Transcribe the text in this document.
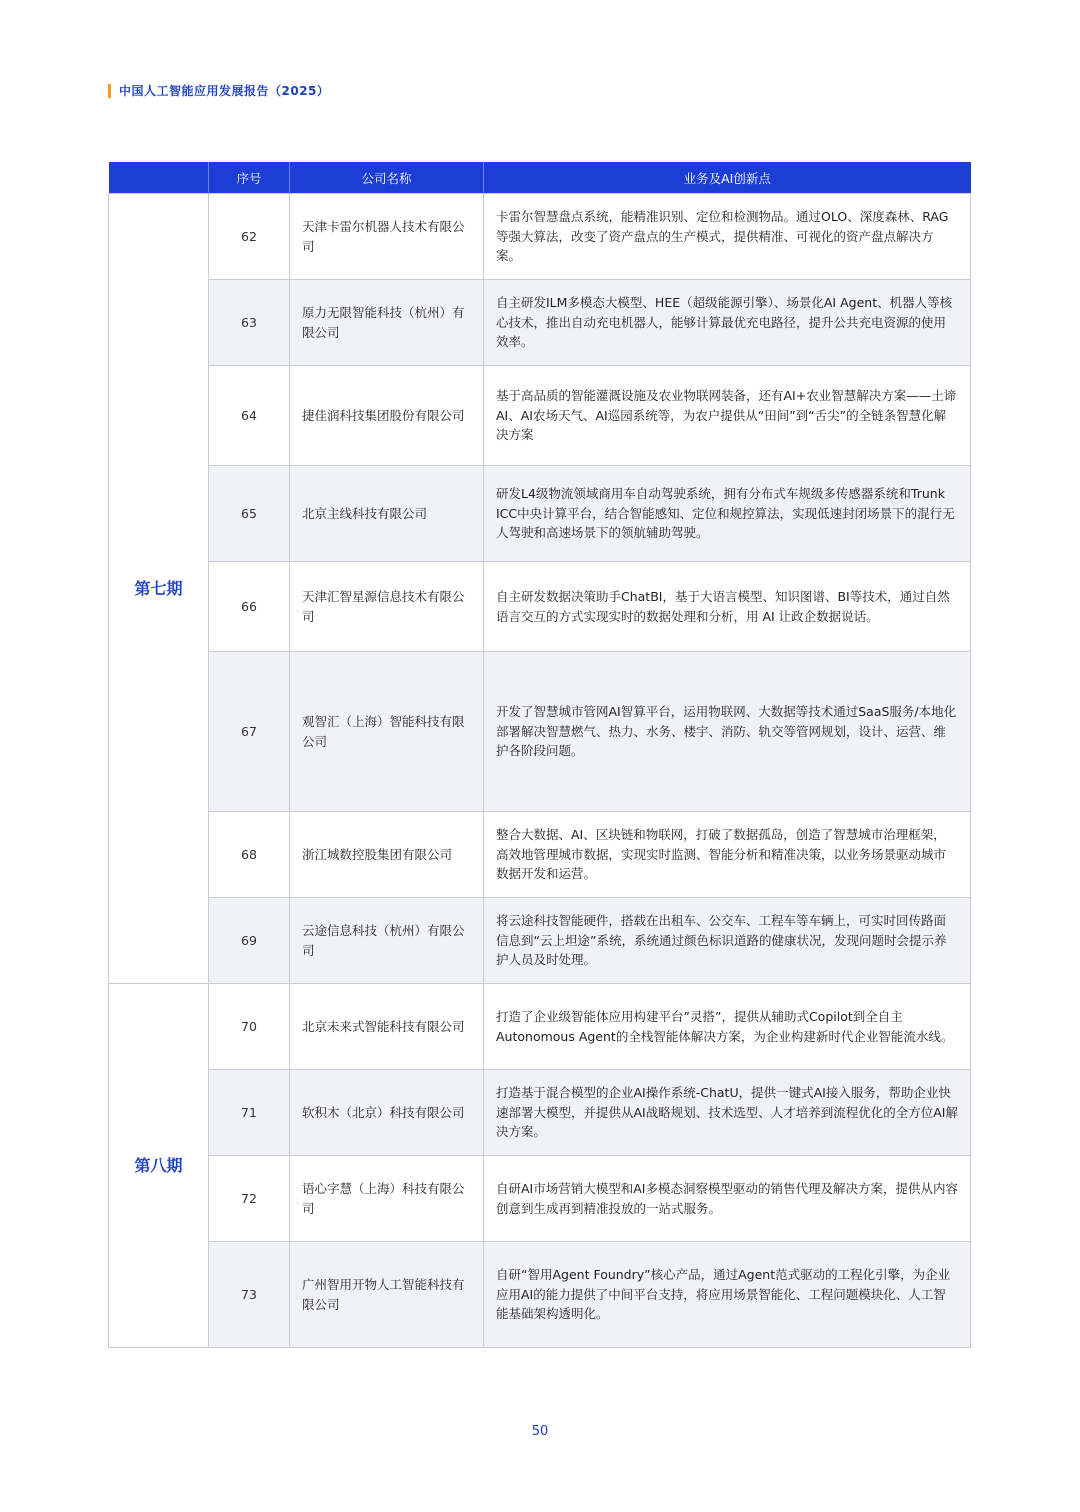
中国人工智能应用发展报告（2025）
	序号	公司名称	业务及AI创新点
第七期	62	天津卡雷尔机器人技术有限公司	卡雷尔智慧盘点系统，能精准识别、定位和检测物品。通过OLO、深度森林、RAG等强大算法，改变了资产盘点的生产模式，提供精准、可视化的资产盘点解决方案。
	63	原力无限智能科技（杭州）有限公司	自主研发ILM多模态大模型、HEE（超级能源引擎）、场景化AI Agent、机器人等核心技术，推出自动充电机器人，能够计算最优充电路径，提升公共充电资源的使用效率。
	64	捷佳润科技集团股份有限公司	基于高品质的智能灌溉设施及农业物联网装备，还有AI+农业智慧解决方案——土谛AI、AI农场天气、AI巡园系统等，为农户提供从“田间”到“舌尖”的全链条智慧化解决方案
	65	北京主线科技有限公司	研发L4级物流领域商用车自动驾驶系统，拥有分布式车规级多传感器系统和Trunk ICC中央计算平台，结合智能感知、定位和规控算法，实现低速封闭场景下的混行无人驾驶和高速场景下的领航辅助驾驶。
	66	天津汇智星源信息技术有限公司	自主研发数据决策助手ChatBI，基于大语言模型、知识图谱、BI等技术，通过自然语言交互的方式实现实时的数据处理和分析，用 AI 让政企数据说话。
	67	观智汇（上海）智能科技有限公司	开发了智慧城市管网AI智算平台，运用物联网、大数据等技术通过SaaS服务/本地化部署解决智慧燃气、热力、水务、楼宇、消防、轨交等管网规划，设计、运营、维护各阶段问题。
	68	浙江城数控股集团有限公司	整合大数据、AI、区块链和物联网，打破了数据孤岛，创造了智慧城市治理框架，高效地管理城市数据，实现实时监测、智能分析和精准决策，以业务场景驱动城市数据开发和运营。
	69	云途信息科技（杭州）有限公司	将云途科技智能硬件，搭载在出租车、公交车、工程车等车辆上，可实时回传路面信息到“云上坦途”系统，系统通过颜色标识道路的健康状况，发现问题时会提示养护人员及时处理。
第八期	70	北京未来式智能科技有限公司	打造了企业级智能体应用构建平台”灵搭”，提供从辅助式Copilot到全自主Autonomous Agent的全栈智能体解决方案，为企业构建新时代企业智能流水线。
	71	软积木（北京）科技有限公司	打造基于混合模型的企业AI操作系统-ChatU，提供一键式AI接入服务，帮助企业快速部署大模型，并提供从AI战略规划、技术选型、人才培养到流程优化的全方位AI解决方案。
	72	语心字慧（上海）科技有限公司	自研AI市场营销大模型和AI多模态洞察模型驱动的销售代理及解决方案，提供从内容创意到生成再到精准投放的一站式服务。
	73	广州智用开物人工智能科技有限公司	自研“智用Agent Foundry”核心产品，通过Agent范式驱动的工程化引擎，为企业应用AI的能力提供了中间平台支持，将应用场景智能化、工程问题模块化、人工智能基础架构透明化。
50
